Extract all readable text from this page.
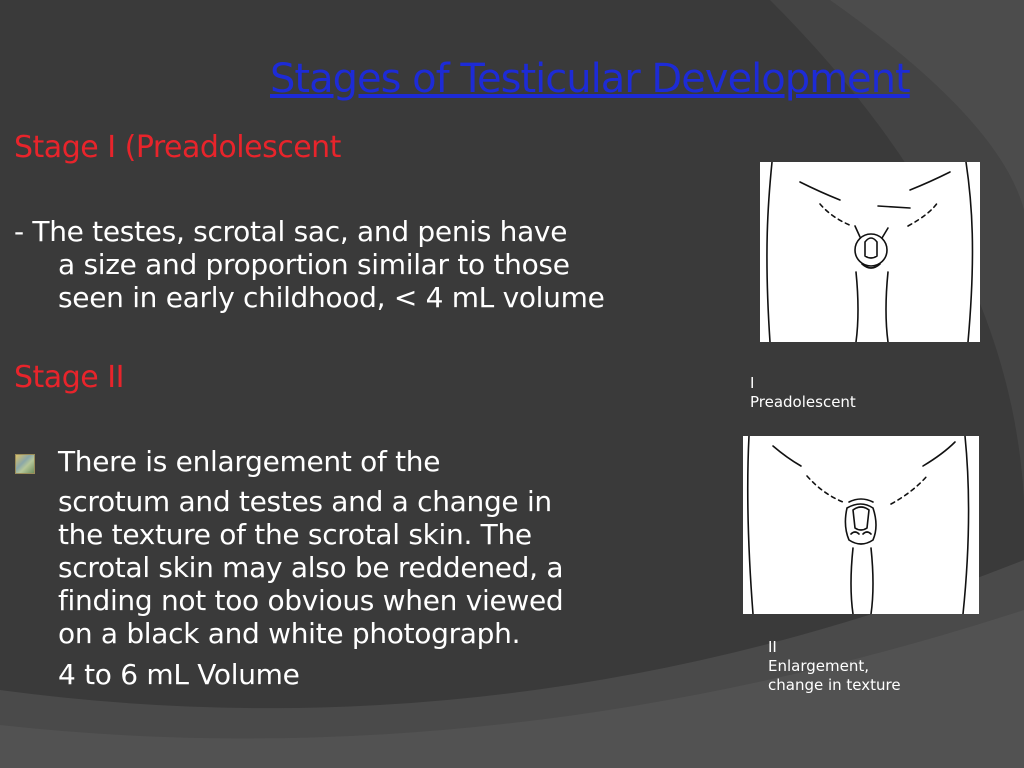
Stages of Testicular Development
Stage I (Preadolescent
- The testes, scrotal sac, and penis have
a size and proportion similar to those
seen in early childhood, < 4 mL volume
Stage II
There is enlargement of the
scrotum and testes and a change in
the texture of the scrotal skin. The
scrotal skin may also be reddened, a
finding not too obvious when viewed
on a black and white photograph.
4 to 6 mL Volume
I
Preadolescent
II
Enlargement,
change in texture
